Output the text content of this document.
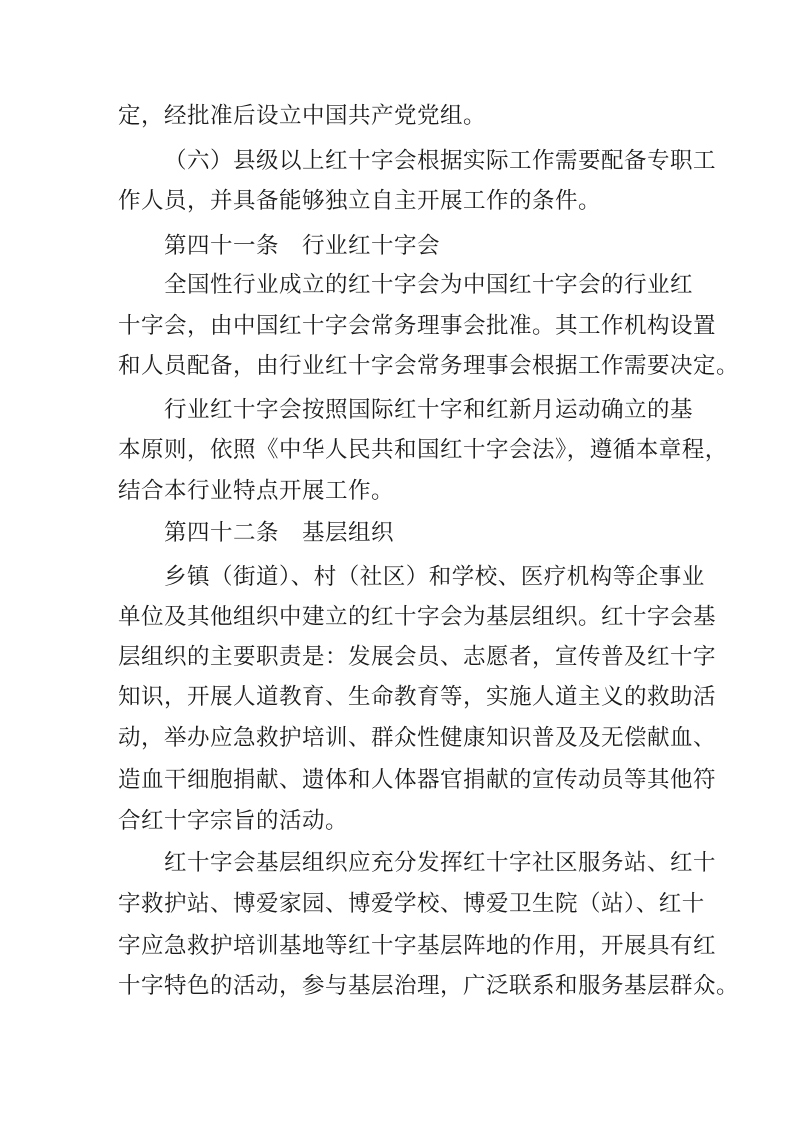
定，经批准后设立中国共产党党组。
（六）县级以上红十字会根据实际工作需要配备专职工
作人员，并具备能够独立自主开展工作的条件。
第四十一条　行业红十字会
全国性行业成立的红十字会为中国红十字会的行业红
十字会，由中国红十字会常务理事会批准。其工作机构设置
和人员配备，由行业红十字会常务理事会根据工作需要决定。
行业红十字会按照国际红十字和红新月运动确立的基
本原则，依照《中华人民共和国红十字会法》，遵循本章程，
结合本行业特点开展工作。
第四十二条　基层组织
乡镇（街道）、村（社区）和学校、医疗机构等企事业
单位及其他组织中建立的红十字会为基层组织。红十字会基
层组织的主要职责是：发展会员、志愿者，宣传普及红十字
知识，开展人道教育、生命教育等，实施人道主义的救助活
动，举办应急救护培训、群众性健康知识普及及无偿献血、
造血干细胞捐献、遗体和人体器官捐献的宣传动员等其他符
合红十字宗旨的活动。
红十字会基层组织应充分发挥红十字社区服务站、红十
字救护站、博爱家园、博爱学校、博爱卫生院（站）、红十
字应急救护培训基地等红十字基层阵地的作用，开展具有红
十字特色的活动，参与基层治理，广泛联系和服务基层群众。
